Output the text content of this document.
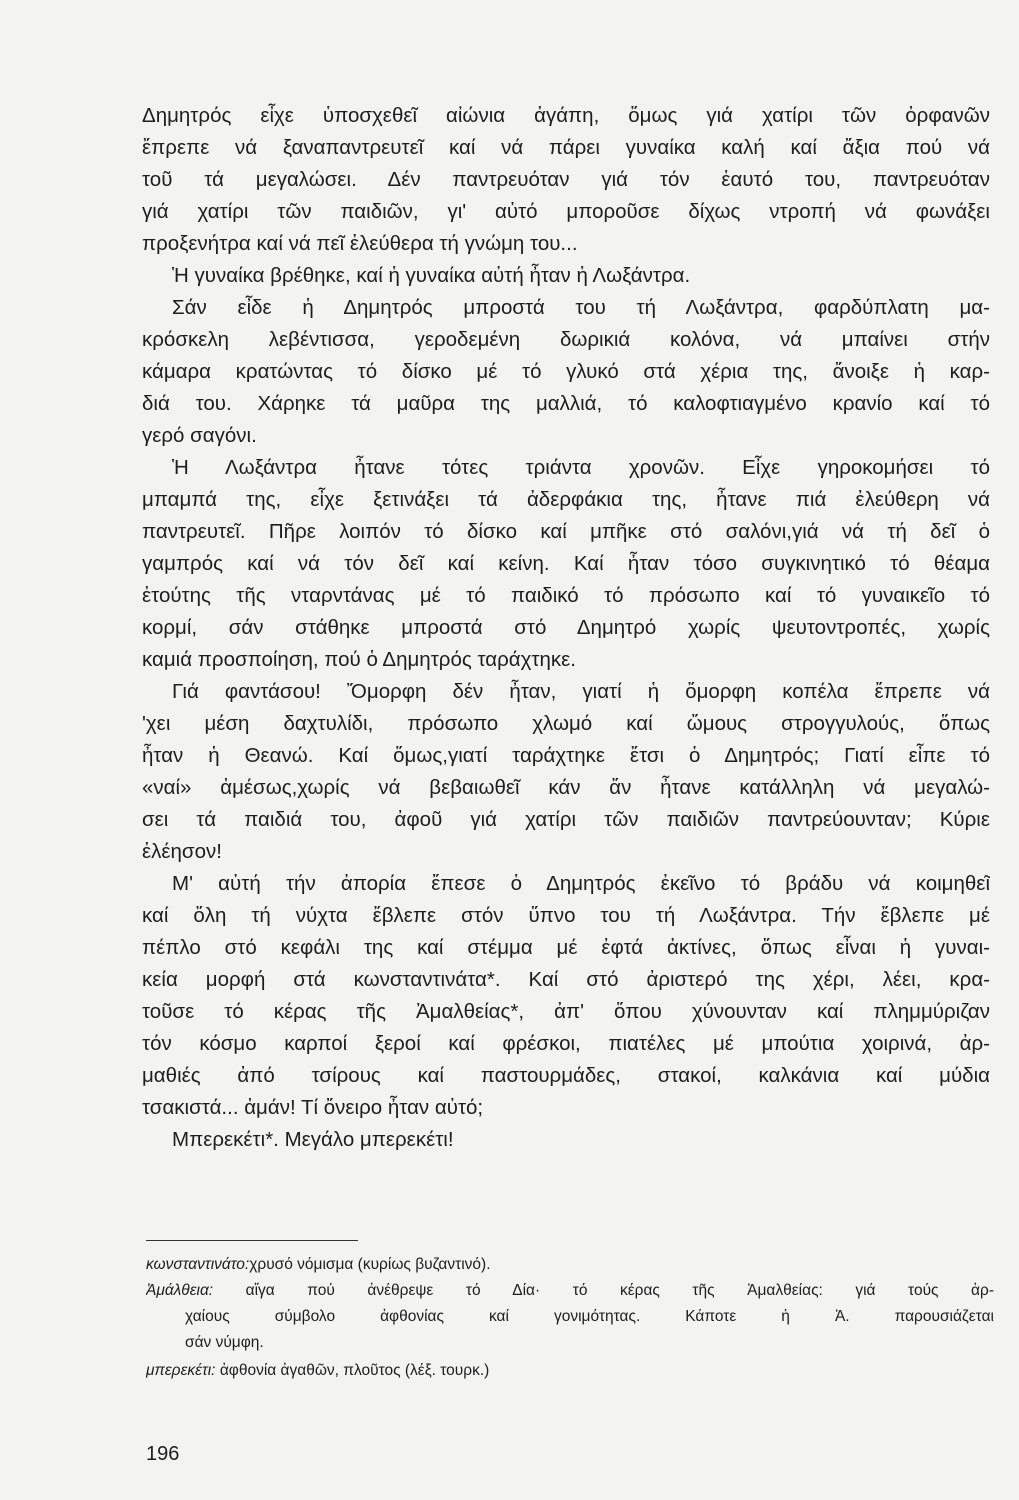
Δημητρός εἶχε ὑποσχεθεῖ αἰώνια ἀγάπη, ὅμως γιά χατίρι τῶν ὀρφανῶν
ἔπρεπε νά ξαναπαντρευτεῖ καί νά πάρει γυναίκα καλή καί ἄξια πού νά
τοῦ τά μεγαλώσει. Δέν παντρευόταν γιά τόν ἑαυτό του, παντρευόταν
γιά χατίρι τῶν παιδιῶν, γι' αὐτό μποροῦσε δίχως ντροπή νά φωνάξει
προξενήτρα καί νά πεῖ ἐλεύθερα τή γνώμη του...
Ἡ γυναίκα βρέθηκε, καί ἡ γυναίκα αὐτή ἦταν ἡ Λωξάντρα.
Σάν εἶδε ἡ Δημητρός μπροστά του τή Λωξάντρα, φαρδύπλατη μα-
κρόσκελη λεβέντισσα, γεροδεμένη δωρικιά κολόνα, νά μπαίνει στήν
κάμαρα κρατώντας τό δίσκο μέ τό γλυκό στά χέρια της, ἄνοιξε ἡ καρ-
διά του. Χάρηκε τά μαῦρα της μαλλιά, τό καλοφτιαγμένο κρανίο καί τό
γερό σαγόνι.
Ἡ Λωξάντρα ἦτανε τότες τριάντα χρονῶν. Εἶχε γηροκομήσει τό
μπαμπά της, εἶχε ξετινάξει τά ἀδερφάκια της, ἦτανε πιά ἐλεύθερη νά
παντρευτεῖ. Πῆρε λοιπόν τό δίσκο καί μπῆκε στό σαλόνι,γιά νά τή δεῖ ὁ
γαμπρός καί νά τόν δεῖ καί κείνη. Καί ἦταν τόσο συγκινητικό τό θέαμα
ἐτούτης τῆς νταρντάνας μέ τό παιδικό τό πρόσωπο καί τό γυναικεῖο τό
κορμί, σάν στάθηκε μπροστά στό Δημητρό χωρίς ψευτοντροπές, χωρίς
καμιά προσποίηση, πού ὁ Δημητρός ταράχτηκε.
Γιά φαντάσου! Ὄμορφη δέν ἦταν, γιατί ἡ ὄμορφη κοπέλα ἔπρεπε νά
'χει μέση δαχτυλίδι, πρόσωπο χλωμό καί ὤμους στρογγυλούς, ὅπως
ἦταν ἡ Θεανώ. Καί ὅμως,γιατί ταράχτηκε ἔτσι ὁ Δημητρός; Γιατί εἶπε τό
«ναί» ἀμέσως,χωρίς νά βεβαιωθεῖ κάν ἄν ἦτανε κατάλληλη νά μεγαλώ-
σει τά παιδιά του, ἀφοῦ γιά χατίρι τῶν παιδιῶν παντρεύουνταν; Κύριε
ἐλέησον!
Μ' αὐτή τήν ἀπορία ἔπεσε ὁ Δημητρός ἐκεῖνο τό βράδυ νά κοιμηθεῖ
καί ὅλη τή νύχτα ἔβλεπε στόν ὕπνο του τή Λωξάντρα. Τήν ἔβλεπε μέ
πέπλο στό κεφάλι της καί στέμμα μέ ἐφτά ἀκτίνες, ὅπως εἶναι ἡ γυναι-
κεία μορφή στά κωνσταντινάτα*. Καί στό ἀριστερό της χέρι, λέει, κρα-
τοῦσε τό κέρας τῆς Ἀμαλθείας*, ἀπ' ὅπου χύνουνταν καί πλημμύριζαν
τόν κόσμο καρποί ξεροί καί φρέσκοι, πιατέλες μέ μπούτια χοιρινά, ἀρ-
μαθιές ἀπό τσίρους καί παστουρμάδες, στακοί, καλκάνια καί μύδια
τσακιστά... ἀμάν! Τί ὄνειρο ἦταν αὐτό;
Μπερεκέτι*. Μεγάλο μπερεκέτι!
κωνσταντινάτο:χρυσό νόμισμα (κυρίως βυζαντινό).
Ἀμάλθεια: αἴγα πού ἀνέθρεψε τό Δία· τό κέρας τῆς Ἀμαλθείας: γιά τούς ἀρ-
χαίους σύμβολο ἀφθονίας καί γονιμότητας. Κάποτε ἡ Ἀ. παρουσιάζεται
σάν νύμφη.
μπερεκέτι: ἀφθονία ἀγαθῶν, πλοῦτος (λέξ. τουρκ.)
196
